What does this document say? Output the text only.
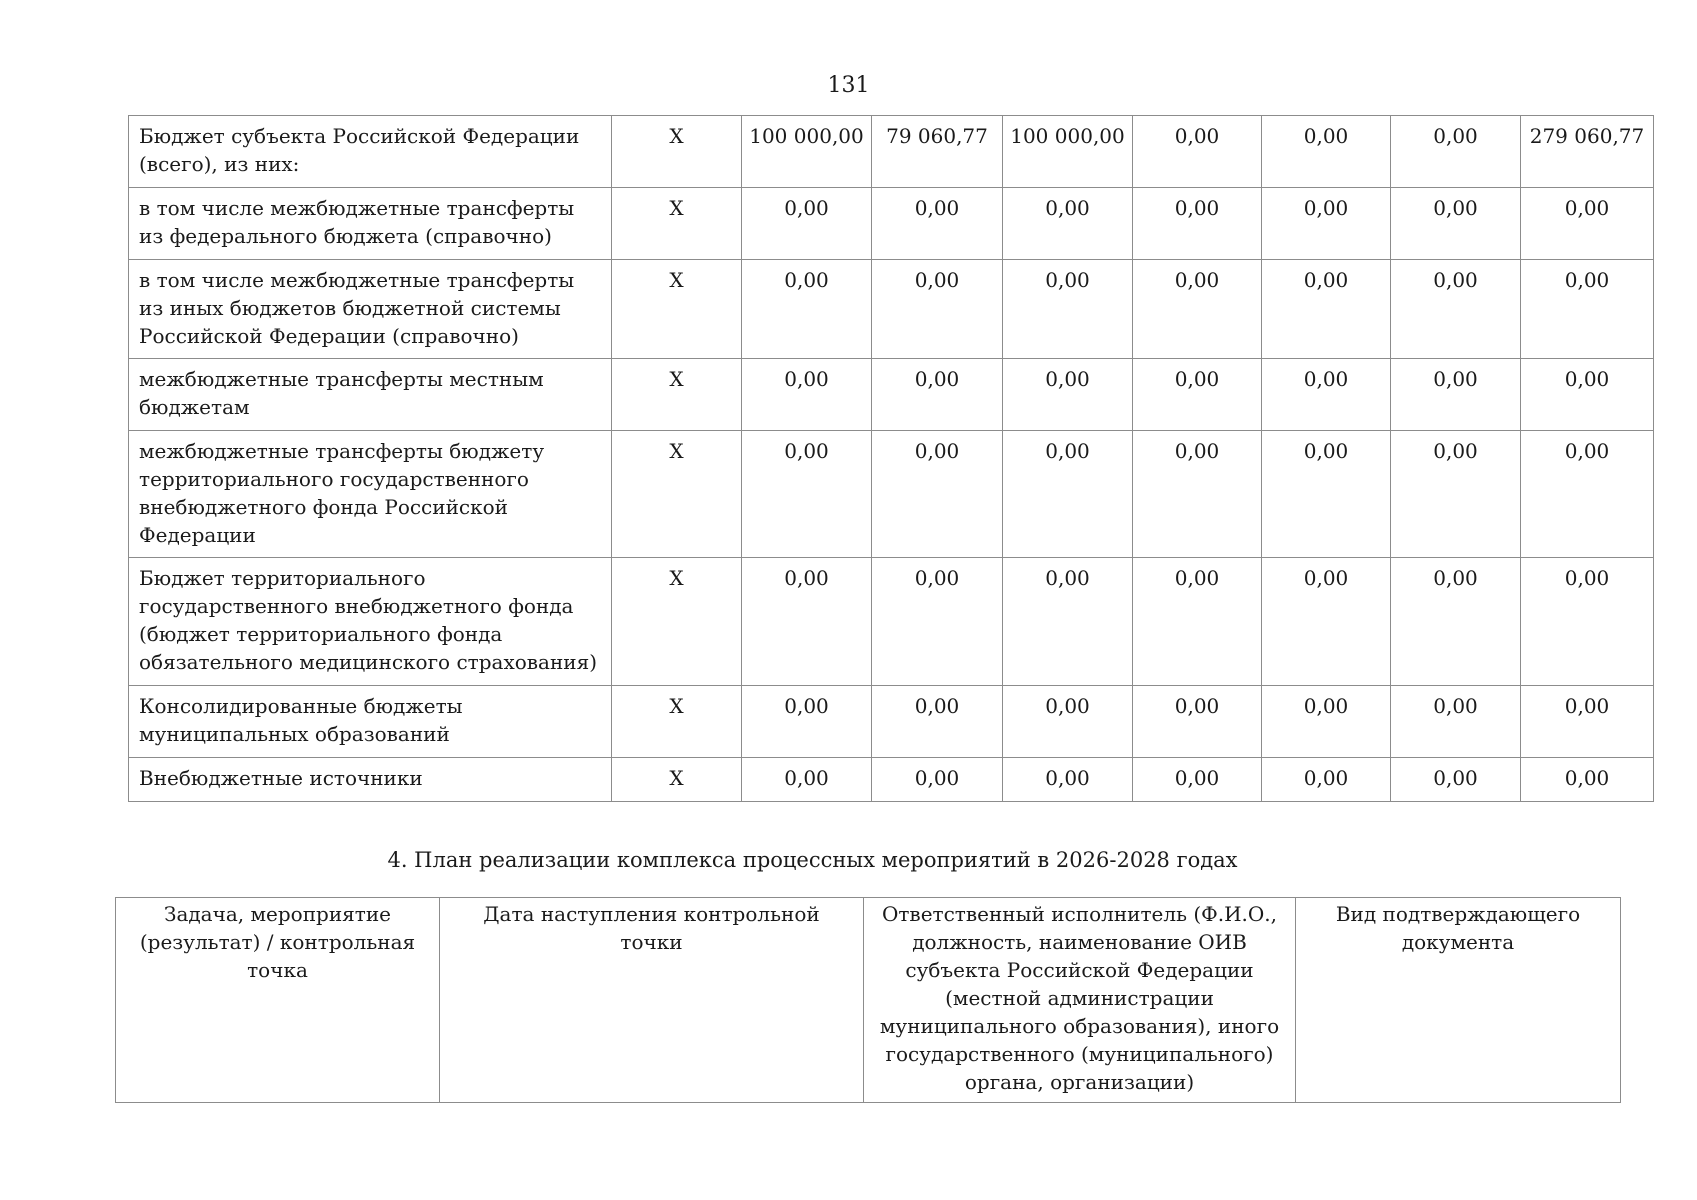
131
Бюджет субъекта Российской Федерации (всего), из них:	X	100 000,00	79 060,77	100 000,00	0,00	0,00	0,00	279 060,77
в том числе межбюджетные трансферты из федерального бюджета (справочно)	X	0,00	0,00	0,00	0,00	0,00	0,00	0,00
в том числе межбюджетные трансферты из иных бюджетов бюджетной системы Российской Федерации (справочно)	X	0,00	0,00	0,00	0,00	0,00	0,00	0,00
межбюджетные трансферты местным бюджетам	X	0,00	0,00	0,00	0,00	0,00	0,00	0,00
межбюджетные трансферты бюджету территориального государственного внебюджетного фонда Российской Федерации	X	0,00	0,00	0,00	0,00	0,00	0,00	0,00
Бюджет территориального государственного внебюджетного фонда (бюджет территориального фонда обязательного медицинского страхования)	X	0,00	0,00	0,00	0,00	0,00	0,00	0,00
Консолидированные бюджеты муниципальных образований	X	0,00	0,00	0,00	0,00	0,00	0,00	0,00
Внебюджетные источники	X	0,00	0,00	0,00	0,00	0,00	0,00	0,00
4. План реализации комплекса процессных мероприятий в 2026-2028 годах
Задача, мероприятие (результат) / контрольная точка	Дата наступления контрольной точки	Ответственный исполнитель (Ф.И.О., должность, наименование ОИВ субъекта Российской Федерации (местной администрации муниципального образования), иного государственного (муниципального) органа, организации)	Вид подтверждающего документа
